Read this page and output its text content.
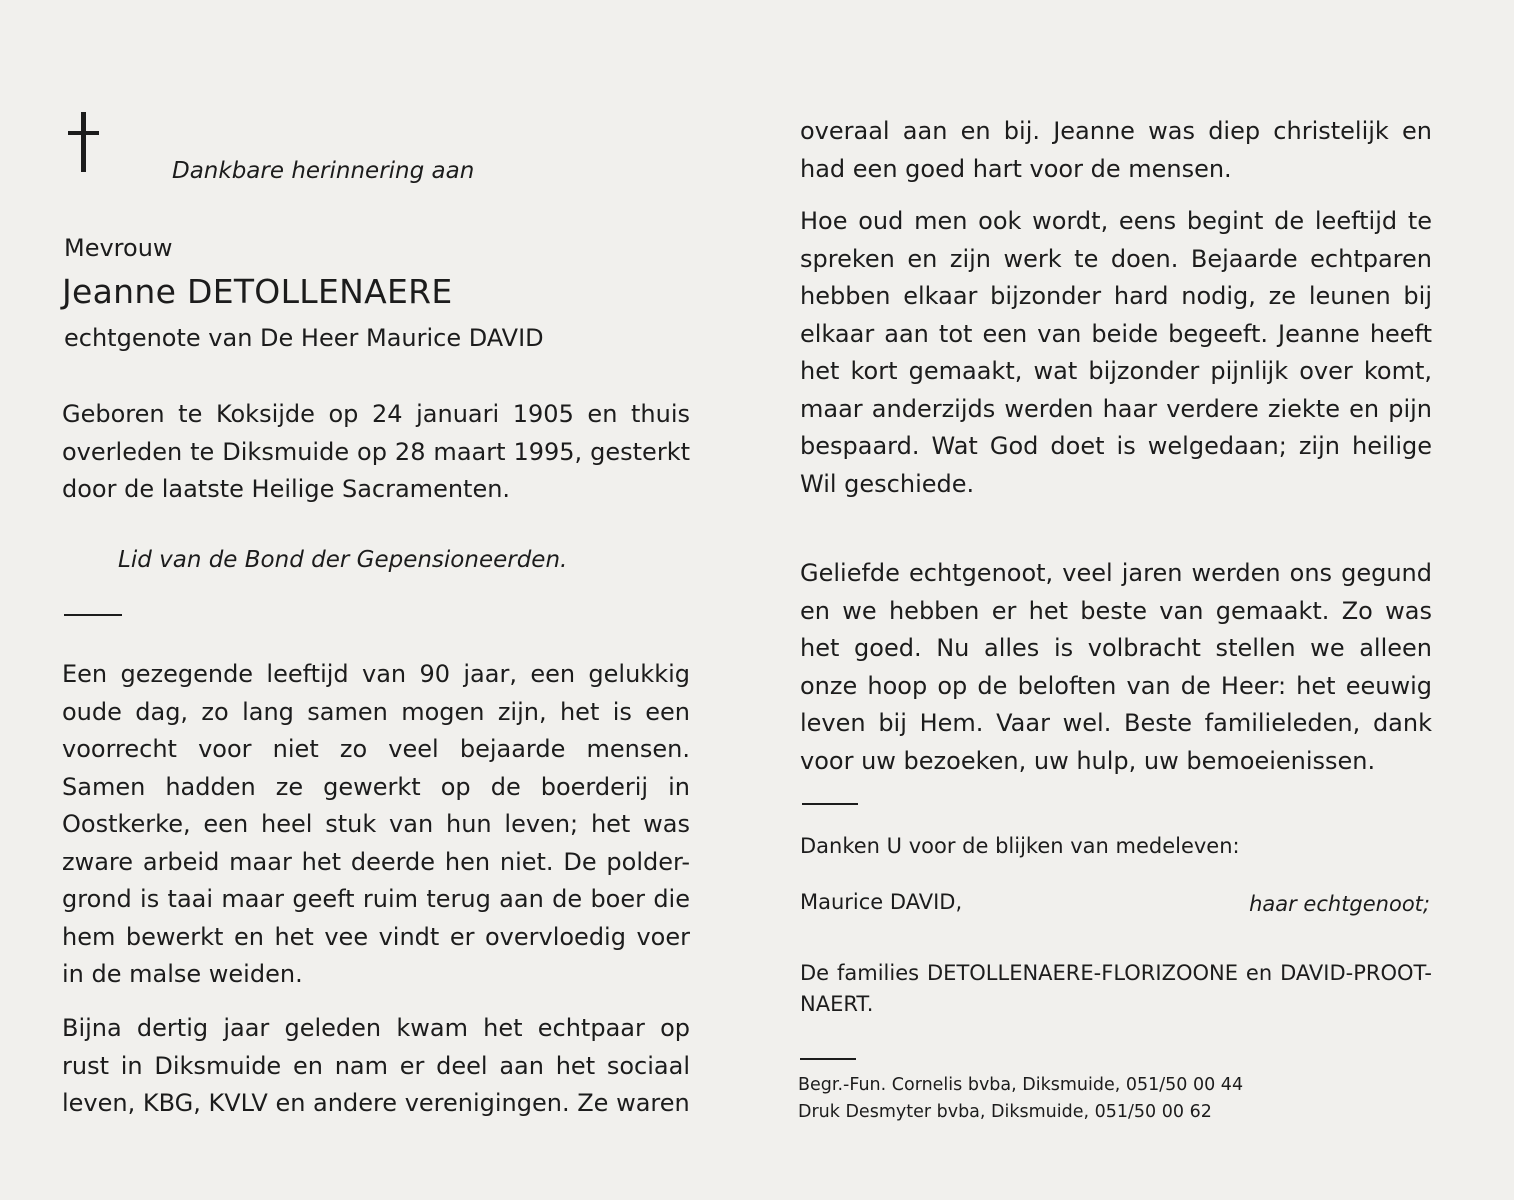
Dankbare herinnering aan
Mevrouw
Jeanne DETOLLENAERE
echtgenote van De Heer Maurice DAVID

Geboren te Koksijde op 24 januari 1905 en thuis overleden te Diksmuide op 28 maart 1995, gesterkt door de laatste Heilige Sacramenten.

Lid van de Bond der Gepensioneerden.

Een gezegende leeftijd van 90 jaar, een gelukkig oude dag, zo lang samen mogen zijn, het is een voorrecht voor niet zo veel bejaarde mensen. Samen hadden ze gewerkt op de boerderij in Oostkerke, een heel stuk van hun leven; het was zware arbeid maar het deerde hen niet. De polder-grond is taai maar geeft ruim terug aan de boer die hem bewerkt en het vee vindt er overvloedig voer in de malse weiden.

Bijna dertig jaar geleden kwam het echtpaar op rust in Diksmuide en nam er deel aan het sociaal leven, KBG, KVLV en andere verenigingen. Ze waren

overaal aan en bij. Jeanne was diep christelijk en had een goed hart voor de mensen.

Hoe oud men ook wordt, eens begint de leeftijd te spreken en zijn werk te doen. Bejaarde echtparen hebben elkaar bijzonder hard nodig, ze leunen bij elkaar aan tot een van beide begeeft. Jeanne heeft het kort gemaakt, wat bijzonder pijnlijk over komt, maar anderzijds werden haar verdere ziekte en pijn bespaard. Wat God doet is welgedaan; zijn heilige Wil geschiede.

Geliefde echtgenoot, veel jaren werden ons gegund en we hebben er het beste van gemaakt. Zo was het goed. Nu alles is volbracht stellen we alleen onze hoop op de beloften van de Heer: het eeuwig leven bij Hem. Vaar wel. Beste familieleden, dank voor uw bezoeken, uw hulp, uw bemoeienissen.

Danken U voor de blijken van medeleven:
Maurice DAVID,	haar echtgenoot;

De families DETOLLENAERE-FLORIZOONE en DAVID-PROOT-NAERT.

Begr.-Fun. Cornelis bvba, Diksmuide, 051/50 00 44
Druk Desmyter bvba, Diksmuide, 051/50 00 62
